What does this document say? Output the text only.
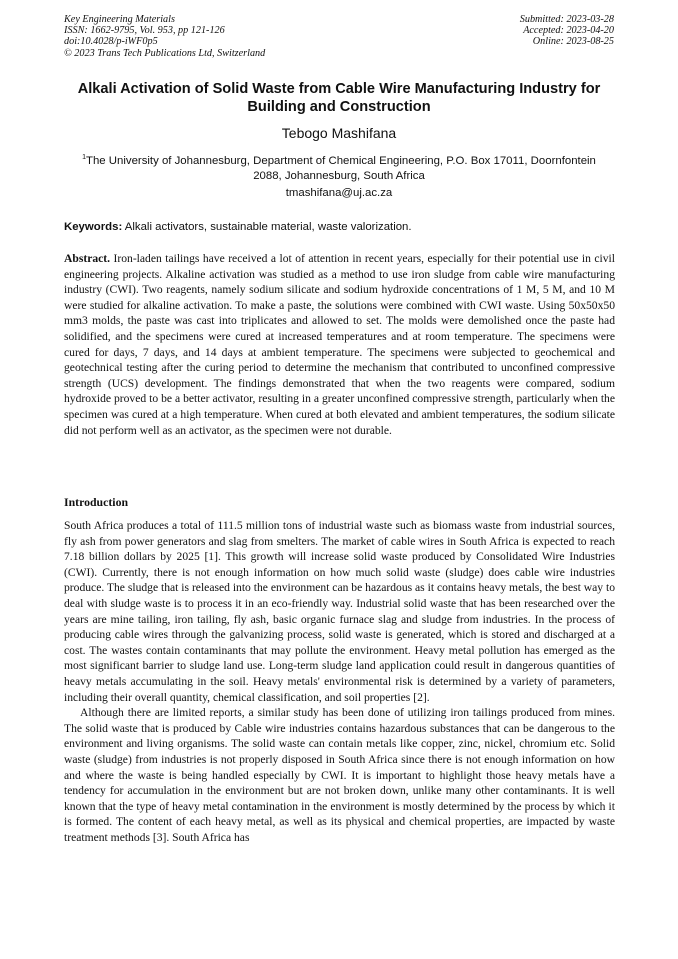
Key Engineering Materials
ISSN: 1662-9795, Vol. 953, pp 121-126
doi:10.4028/p-iWF0p5
© 2023 Trans Tech Publications Ltd, Switzerland
Submitted: 2023-03-28
Accepted: 2023-04-20
Online: 2023-08-25
Alkali Activation of Solid Waste from Cable Wire Manufacturing Industry for Building and Construction
Tebogo Mashifana
$^1$The University of Johannesburg, Department of Chemical Engineering, P.O. Box 17011, Doornfontein 2088, Johannesburg, South Africa
tmashifana@uj.ac.za
Keywords: Alkali activators, sustainable material, waste valorization.
Abstract. Iron-laden tailings have received a lot of attention in recent years, especially for their potential use in civil engineering projects. Alkaline activation was studied as a method to use iron sludge from cable wire manufacturing industry (CWI). Two reagents, namely sodium silicate and sodium hydroxide concentrations of 1 M, 5 M, and 10 M were studied for alkaline activation. To make a paste, the solutions were combined with CWI waste. Using 50x50x50 mm3 molds, the paste was cast into triplicates and allowed to set. The molds were demolished once the paste had solidified, and the specimens were cured at increased temperatures and at room temperature. The specimens were cured for days, 7 days, and 14 days at ambient temperature. The specimens were subjected to geochemical and geotechnical testing after the curing period to determine the mechanism that contributed to unconfined compressive strength (UCS) development. The findings demonstrated that when the two reagents were compared, sodium hydroxide proved to be a better activator, resulting in a greater unconfined compressive strength, particularly when the specimen was cured at a high temperature. When cured at both elevated and ambient temperatures, the sodium silicate did not perform well as an activator, as the specimen were not durable.
Introduction

South Africa produces a total of 111.5 million tons of industrial waste such as biomass waste from industrial sources, fly ash from power generators and slag from smelters. The market of cable wires in South Africa is expected to reach 7.18 billion dollars by 2025 [1]. This growth will increase solid waste produced by Consolidated Wire Industries (CWI). Currently, there is not enough information on how much solid waste (sludge) does cable wire industries produce. The sludge that is released into the environment can be hazardous as it contains heavy metals, the best way to deal with sludge waste is to process it in an eco-friendly way. Industrial solid waste that has been researched over the years are mine tailing, iron tailing, fly ash, basic organic furnace slag and sludge from industries. In the process of producing cable wires through the galvanizing process, solid waste is generated, which is stored and discharged at a cost. The wastes contain contaminants that may pollute the environment. Heavy metal pollution has emerged as the most significant barrier to sludge land use. Long-term sludge land application could result in dangerous quantities of heavy metals accumulating in the soil. Heavy metals' environmental risk is determined by a variety of parameters, including their overall quantity, chemical classification, and soil properties [2].

Although there are limited reports, a similar study has been done of utilizing iron tailings produced from mines. The solid waste that is produced by Cable wire industries contains hazardous substances that can be dangerous to the environment and living organisms. The solid waste can contain metals like copper, zinc, nickel, chromium etc. Solid waste (sludge) from industries is not properly disposed in South Africa since there is not enough information on how and where the waste is being handled especially by CWI. It is important to highlight those heavy metals have a tendency for accumulation in the environment but are not broken down, unlike many other contaminants. It is well known that the type of heavy metal contamination in the environment is mostly determined by the process by which it is formed. The content of each heavy metal, as well as its physical and chemical properties, are impacted by waste treatment methods [3]. South Africa has
